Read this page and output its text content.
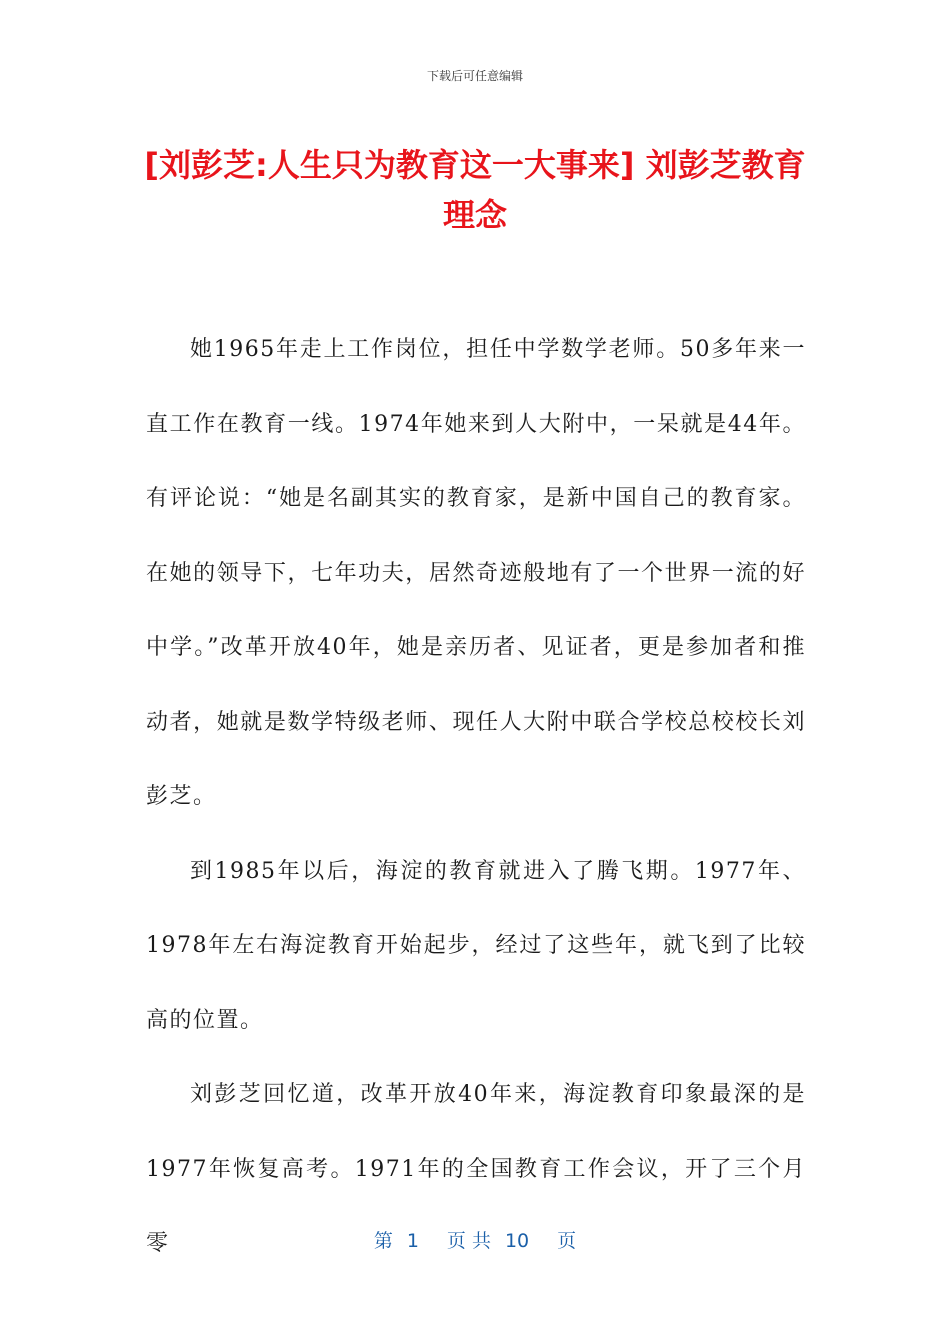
下载后可任意编辑
[刘彭芝:人生只为教育这一大事来] 刘彭芝教育理念

她1965年走上工作岗位，担任中学数学老师。50多年来一直工作在教育一线。1974年她来到人大附中，一呆就是44年。有评论说：“她是名副其实的教育家，是新中国自己的教育家。在她的领导下，七年功夫，居然奇迹般地有了一个世界一流的好中学。”改革开放40年，她是亲历者、见证者，更是参加者和推动者，她就是数学特级老师、现任人大附中联合学校总校校长刘彭芝。

到1985年以后，海淀的教育就进入了腾飞期。1977年、1978年左右海淀教育开始起步，经过了这些年，就飞到了比较高的位置。

刘彭芝回忆道，改革开放40年来，海淀教育印象最深的是1977年恢复高考。1971年的全国教育工作会议，开了三个月零	第 1 页 共 10 页
